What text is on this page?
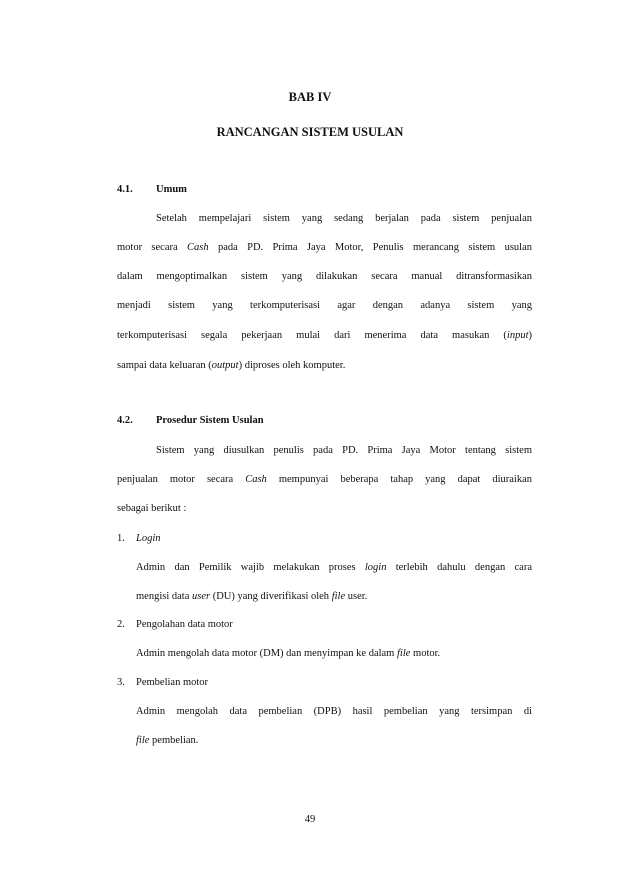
BAB IV
RANCANGAN SISTEM USULAN
4.1. Umum
Setelah mempelajari sistem yang sedang berjalan pada sistem penjualan
motor secara Cash pada PD. Prima Jaya Motor, Penulis merancang sistem usulan
dalam mengoptimalkan sistem yang dilakukan secara manual ditransformasikan
menjadi sistem yang terkomputerisasi agar dengan adanya sistem yang
terkomputerisasi segala pekerjaan mulai dari menerima data masukan (input)
sampai data keluaran (output) diproses oleh komputer.
4.2. Prosedur Sistem Usulan
Sistem yang diusulkan penulis pada PD. Prima Jaya Motor tentang sistem
penjualan motor secara Cash mempunyai beberapa tahap yang dapat diuraikan
sebagai berikut :
1. Login
Admin dan Pemilik wajib melakukan proses login terlebih dahulu dengan cara
mengisi data user (DU) yang diverifikasi oleh file user.
2. Pengolahan data motor
Admin mengolah data motor (DM) dan menyimpan ke dalam file motor.
3. Pembelian motor
Admin mengolah data pembelian (DPB) hasil pembelian yang tersimpan di
file pembelian.
49
